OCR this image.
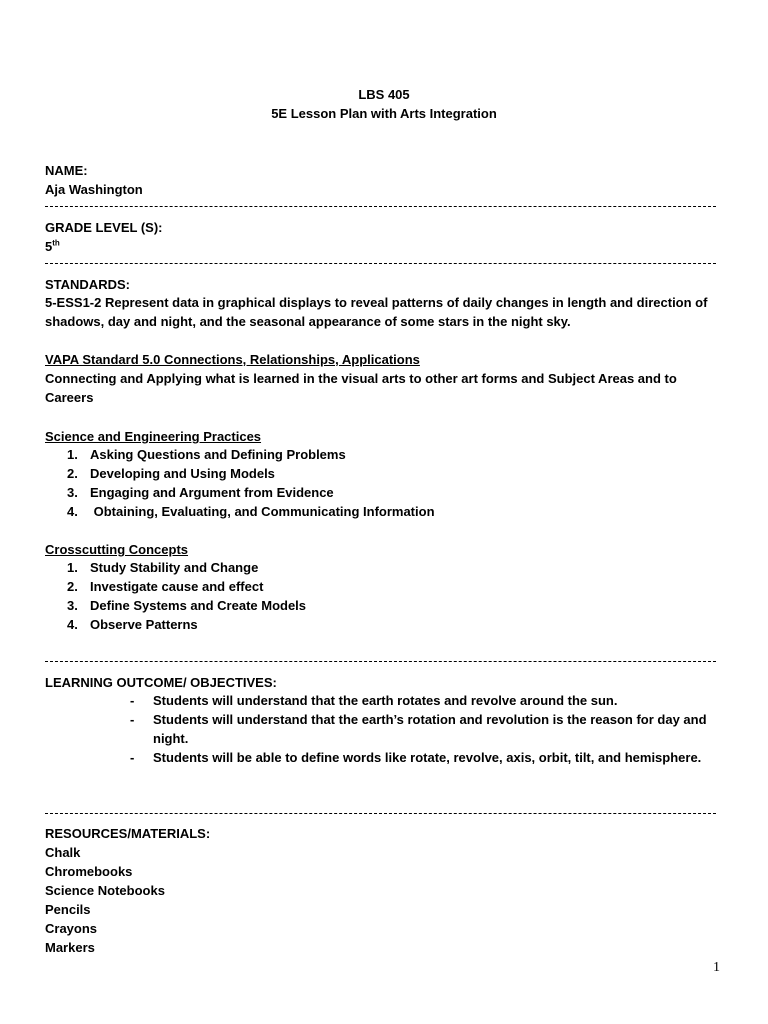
LBS 405
5E Lesson Plan with Arts Integration
NAME:
Aja Washington
GRADE LEVEL (S):
5th
STANDARDS:
5-ESS1-2 Represent data in graphical displays to reveal patterns of daily changes in length and direction of shadows, day and night, and the seasonal appearance of some stars in the night sky.
VAPA Standard 5.0 Connections, Relationships, Applications
Connecting and Applying what is learned in the visual arts to other art forms and Subject Areas and to Careers
Science and Engineering Practices
1. Asking Questions and Defining Problems
2. Developing and Using Models
3. Engaging and Argument from Evidence
4. Obtaining, Evaluating, and Communicating Information
Crosscutting Concepts
1. Study Stability and Change
2. Investigate cause and effect
3. Define Systems and Create Models
4. Observe Patterns
LEARNING OUTCOME/ OBJECTIVES:
- Students will understand that the earth rotates and revolve around the sun.
- Students will understand that the earth’s rotation and revolution is the reason for day and night.
- Students will be able to define words like rotate, revolve, axis, orbit, tilt, and hemisphere.
RESOURCES/MATERIALS:
Chalk
Chromebooks
Science Notebooks
Pencils
Crayons
Markers
1
